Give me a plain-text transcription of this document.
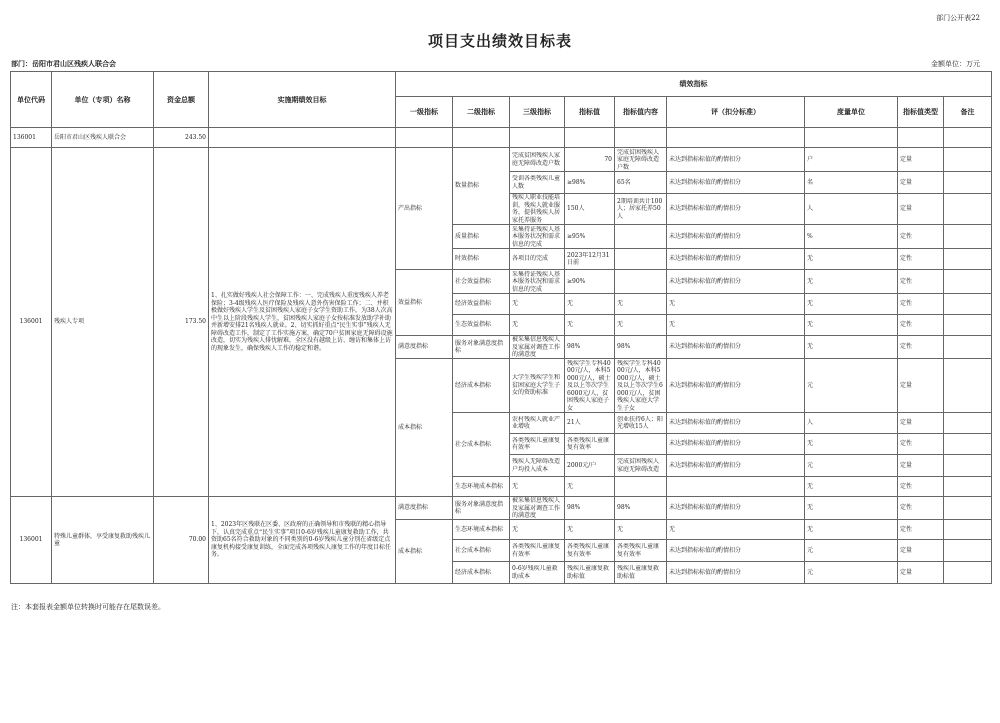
部门公开表22
项目支出绩效目标表
部门：岳阳市君山区残疾人联合会	金额单位：万元
单位代码	单位（专项）名称	资金总额	实施期绩效目标	绩效指标								
				一级指标	二级指标	三级指标	指标值	指标值内容	评（扣分标准）	度量单位	指标值类型	备注
136001	岳阳市君山区残疾人联合会	243.50										
136001	残疾人专项	173.50	1、扎实做好残疾人社会保障工作：一、完成残疾人重度残疾人养老保险；3-4级残疾人医疗保险及残疾人意外伤害保险工作；二、并积极做好残疾人学生及贫困残疾人家庭子女学生资助工作，为38人次高中生以上阶段残疾人学生，贫困残疾人家庭子女按标准发放助学补助并新增安排21名残疾人就业。2、切实抓好重点“民生实事”残疾人无障碍改造工作，制定了工作实施方案，确定70户贫困家庭无障碍设施改造，切实为残疾人排忧解难，全区没有越级上访、缠访和集体上访的现象发生，确保残疾人工作的稳定和谐。	产出指标	数量指标	完成贫困残疾人家庭无障碍改造户数	70	完成贫困残疾人家庭无障碍改造户数	未达到指标标值的酌情扣分	户	定量	

						受训各类残疾儿童人数	≥98%	65名	未达到指标标值的酌情扣分	名	定量	

						残疾人职业技能培训，残疾人就业服务，提供残疾人居家托养服务	150人	2期培训共计100人；居家托养50人	未达到指标标值的酌情扣分	人	定量	
					质量指标	采集持证残疾人基本服务状况和需求信息的完成	≥95%		未达到指标标值的酌情扣分	%	定性	
					时效指标	各项目的完成	2023年12月31日前		未达到指标标值的酌情扣分	无	定性	
				效益指标	社会效益指标	采集持证残疾人基本服务状况和需求信息的完成	≥90%		未达到指标标值的酌情扣分	无	定性	
					经济效益指标	无	无	无	无	无	定性	
					生态效益指标	无	无	无	无	无	定性	
				满意度指标	服务对象满意度指标	被采集信息残疾人及家属对调查工作的满意度	98%	98%	未达到指标标值的酌情扣分	无	定性	
				成本指标	经济成本指标	大学生残疾学生和贫困家庭大学生子女的资助标准	残疾学生专科4000元/人，本科5000元/人，硕士及以上等次学生6000元/人，贫困残疾人家庭子女	残疾学生专科4000元/人，本科5000元/人，硕士及以上等次学生6000元/人，贫困残疾人家庭大学生子女	未达到指标标值的酌情扣分	元	定量	
					社会成本指标	农村残疾人就业产业增收	21人	创业扶持6人；阳光增收15人	未达到指标标值的酌情扣分	人	定量	

						各类残疾儿童康复有效率	各类残疾儿童康复有效率		未达到指标标值的酌情扣分	无	定性	

						残疾人无障碍改造户均投入成本	2000元/户	完成贫困残疾人家庭无障碍改造	未达到指标标值的酌情扣分	元	定量	
					生态环境成本指标	无	无			无	定性	
136001	特殊儿童群体，享受康复救助残疾儿童	70.00	1、2023年区残联在区委、区政府的正确领导和市残联的精心指导下，认真完成重点“民生实事”项目0-6岁残疾儿童康复救助工作，共资助65名符合救助对象的不同类别的0-6岁残疾儿童分别在省级定点康复机构接受康复训练，全面完成各项残疾人康复工作的年度目标任务。	满意度指标	服务对象满意度指标	被采集信息残疾人及家属对调查工作的满意度	98%	98%	未达到指标标值的酌情扣分	无	定性	
				成本指标	生态环境成本指标	无	无	无	无	无	定性	
					社会成本指标	各类残疾儿童康复有效率	各类残疾儿童康复有效率	各类残疾儿童康复有效率	未达到指标标值的酌情扣分	元	定量	
					经济成本指标	0-6岁残疾儿童救助成本	残疾儿童康复救助标值	残疾儿童康复救助标值	未达到指标标值的酌情扣分	元	定量	
注：本套报表金额单位转换时可能存在尾数误差。
